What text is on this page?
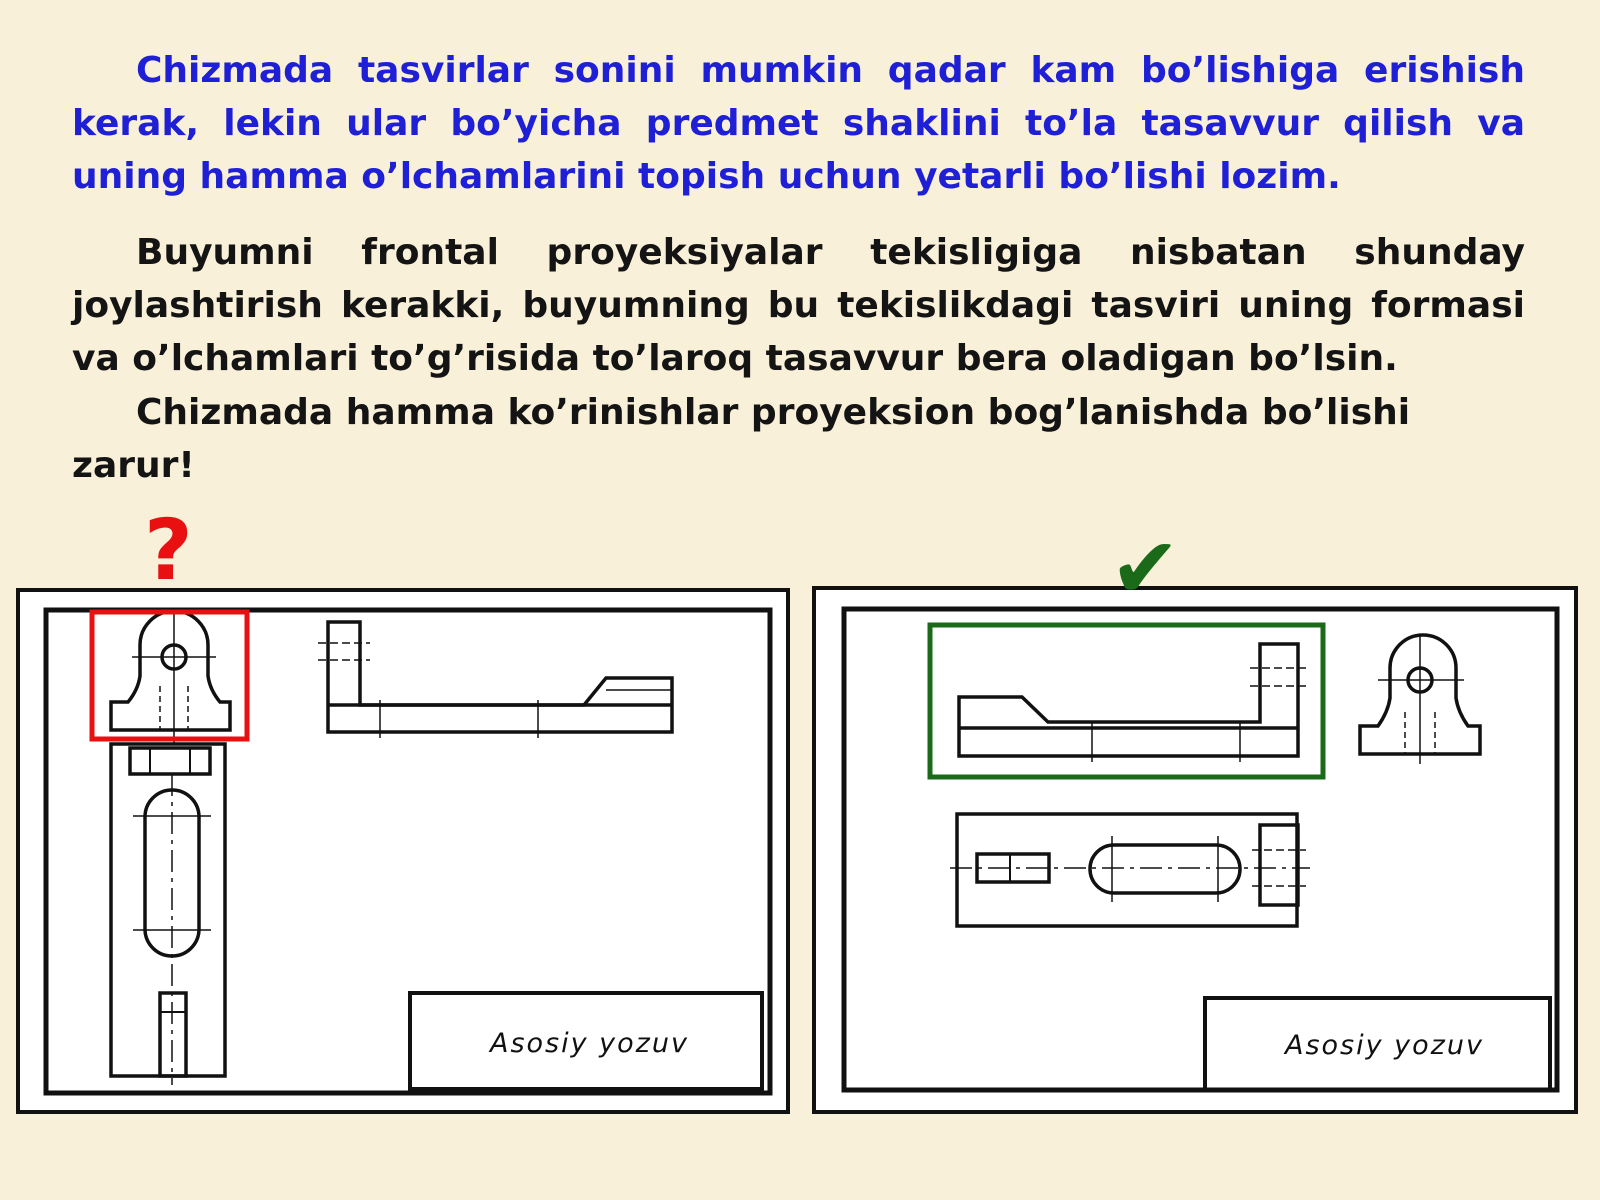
Chizmada tasvirlar sonini mumkin qadar kam bo’lishiga erishish kerak, lekin ular bo’yicha predmet shaklini to’la tasavvur qilish va uning hamma o’lchamlarini topish uchun yetarli bo’lishi lozim.

Buyumni frontal proyeksiyalar tekisligiga nisbatan shunday joylashtirish kerakki, buyumning bu tekislikdagi tasviri uning formasi va o’lchamlari to’g’risida to’laroq tasavvur bera oladigan bo’lsin.

Chizmada hamma ko’rinishlar proyeksion bog’lanishda bo’lishi zarur!

Asosiy yozuv	Asosiy yozuv
?	✔
